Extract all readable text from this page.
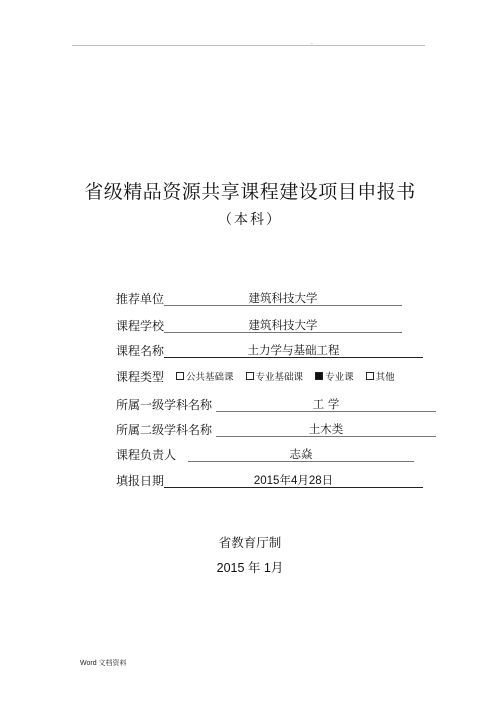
.
省级精品资源共享课程建设项目申报书
（本科）
推荐单位	建筑科技大学
课程学校	建筑科技大学
课程名称	土力学与基础工程
课程类型	公共基础课 专业基础课 专业课 其他
所属一级学科名称	工 学
所属二级学科名称	土木类
课程负责人	志焱
填报日期	2015年4月28日
省教育厅制
2015 年 1月
Word 文档资料
